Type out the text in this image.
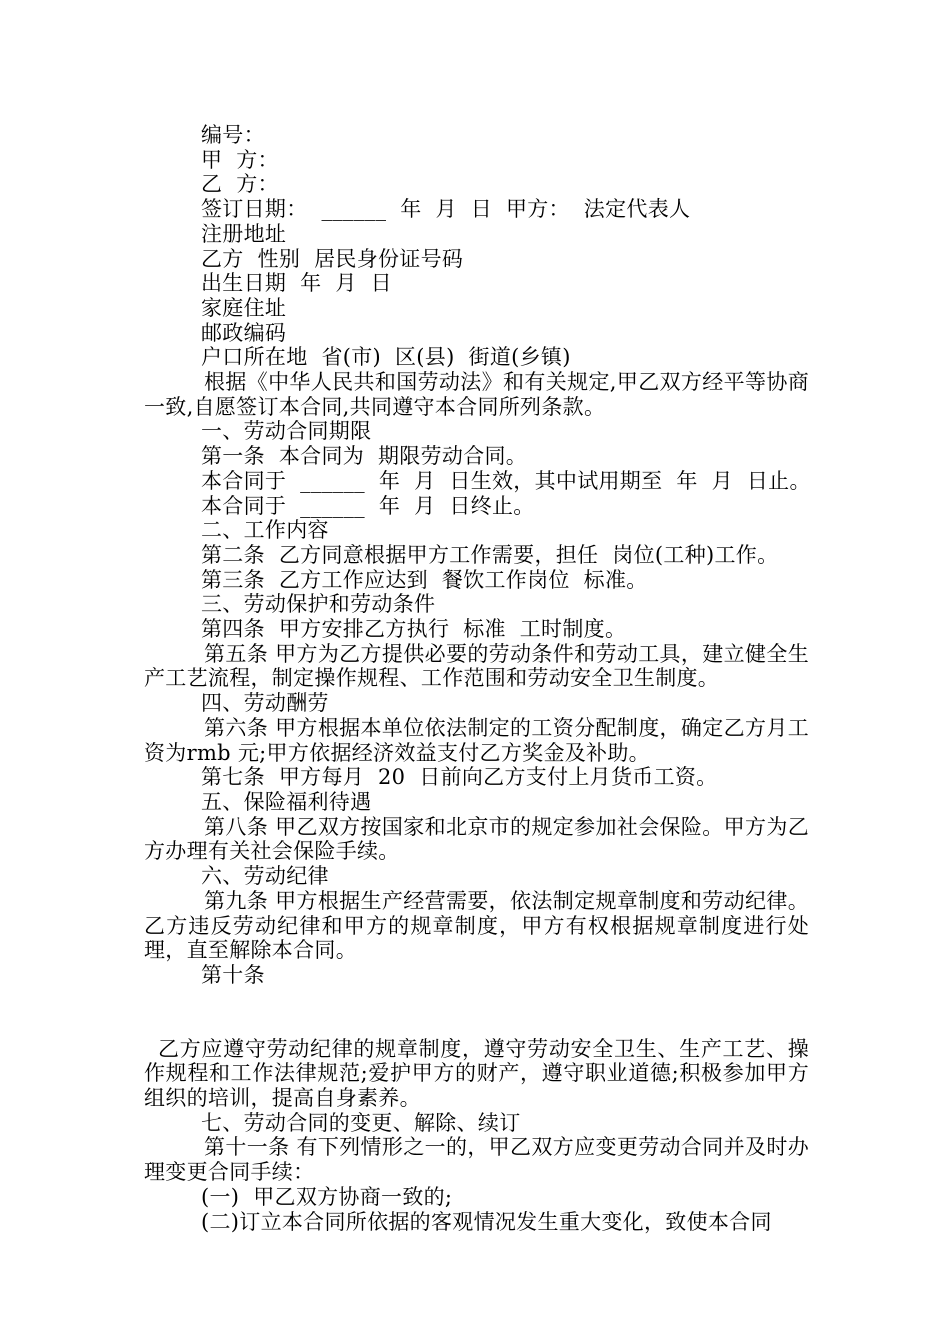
编号：
甲  方：
乙  方：
签订日期：  ______  年  月  日  甲方：  法定代表人
注册地址
乙方  性别  居民身份证号码
出生日期  年  月  日
家庭住址
邮政编码
户口所在地  省(市)  区(县)  街道(乡镇)
根据《中华人民共和国劳动法》和有关规定,甲乙双方经平等协商一致,自愿签订本合同,共同遵守本合同所列条款。
一、劳动合同期限
第一条  本合同为  期限劳动合同。
本合同于  ______  年  月  日生效，其中试用期至  年  月  日止。
本合同于  ______  年  月  日终止。
二、工作内容
第二条  乙方同意根据甲方工作需要，担任  岗位(工种)工作。
第三条  乙方工作应达到  餐饮工作岗位  标准。
三、劳动保护和劳动条件
第四条  甲方安排乙方执行  标准  工时制度。
第五条 甲方为乙方提供必要的劳动条件和劳动工具，建立健全生产工艺流程，制定操作规程、工作范围和劳动安全卫生制度。
四、劳动酬劳
第六条 甲方根据本单位依法制定的工资分配制度，确定乙方月工资为rmb 元;甲方依据经济效益支付乙方奖金及补助。
第七条  甲方每月  20  日前向乙方支付上月货币工资。
五、保险福利待遇
第八条 甲乙双方按国家和北京市的规定参加社会保险。甲方为乙方办理有关社会保险手续。
六、劳动纪律
第九条 甲方根据生产经营需要，依法制定规章制度和劳动纪律。乙方违反劳动纪律和甲方的规章制度，甲方有权根据规章制度进行处理，直至解除本合同。
第十条
乙方应遵守劳动纪律的规章制度，遵守劳动安全卫生、生产工艺、操作规程和工作法律规范;爱护甲方的财产，遵守职业道德;积极参加甲方组织的培训，提高自身素养。
七、劳动合同的变更、解除、续订
第十一条 有下列情形之一的，甲乙双方应变更劳动合同并及时办理变更合同手续：
(一)  甲乙双方协商一致的;
(二)订立本合同所依据的客观情况发生重大变化，致使本合同
